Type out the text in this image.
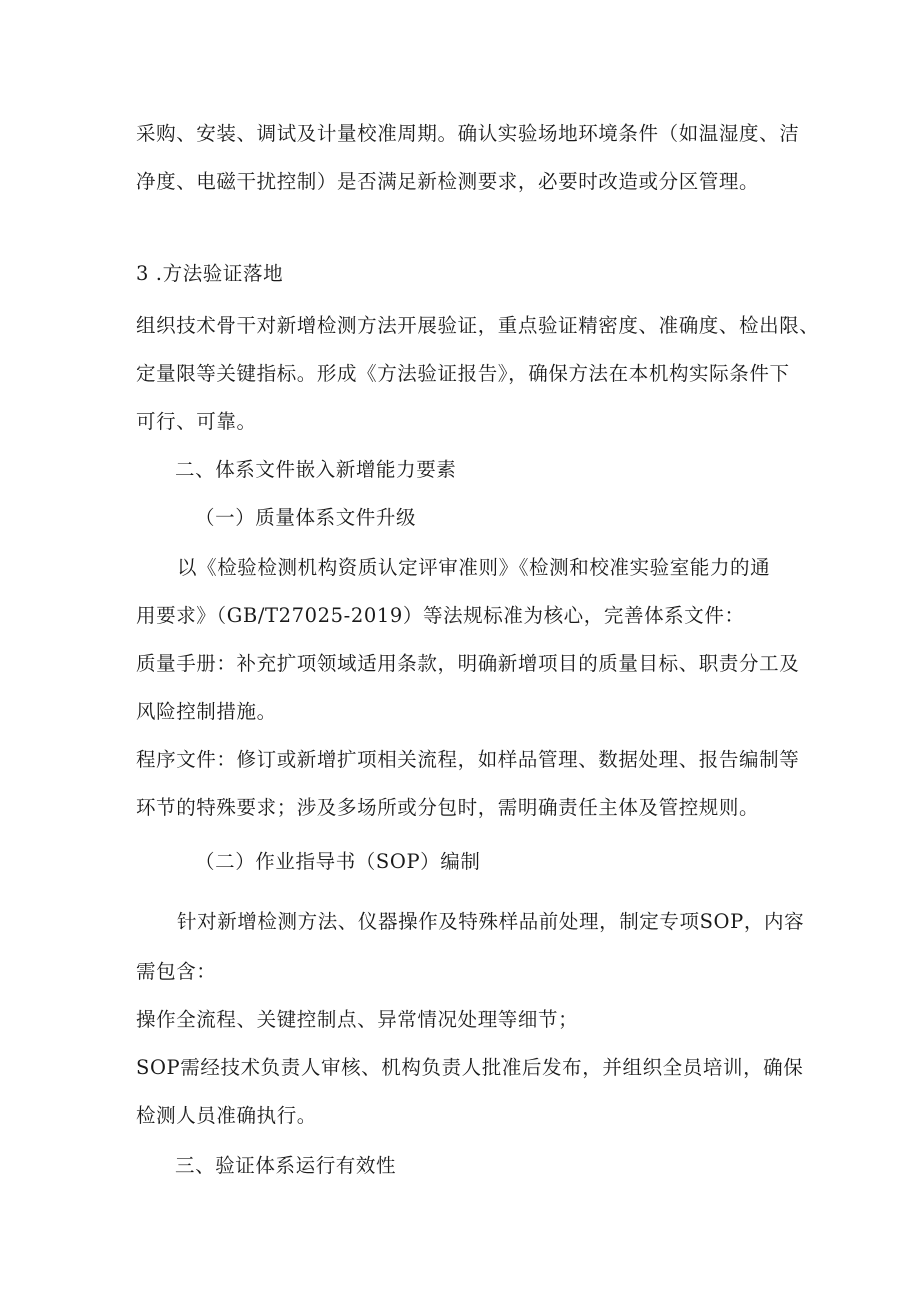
采购、安装、调试及计量校准周期。确认实验场地环境条件（如温湿度、洁

净度、电磁干扰控制）是否满足新检测要求，必要时改造或分区管理。

3 .方法验证落地

组织技术骨干对新增检测方法开展验证，重点验证精密度、准确度、检出限、

定量限等关键指标。形成《方法验证报告》，确保方法在本机构实际条件下

可行、可靠。

二、体系文件嵌入新增能力要素

（一）质量体系文件升级

以《检验检测机构资质认定评审准则》《检测和校准实验室能力的通

用要求》（GB/T27025-2019）等法规标准为核心，完善体系文件：

质量手册：补充扩项领域适用条款，明确新增项目的质量目标、职责分工及

风险控制措施。

程序文件：修订或新增扩项相关流程，如样品管理、数据处理、报告编制等

环节的特殊要求；涉及多场所或分包时，需明确责任主体及管控规则。

（二）作业指导书（SOP）编制

针对新增检测方法、仪器操作及特殊样品前处理，制定专项SOP，内容

需包含：

操作全流程、关键控制点、异常情况处理等细节；

SOP需经技术负责人审核、机构负责人批准后发布，并组织全员培训，确保

检测人员准确执行。

三、验证体系运行有效性
